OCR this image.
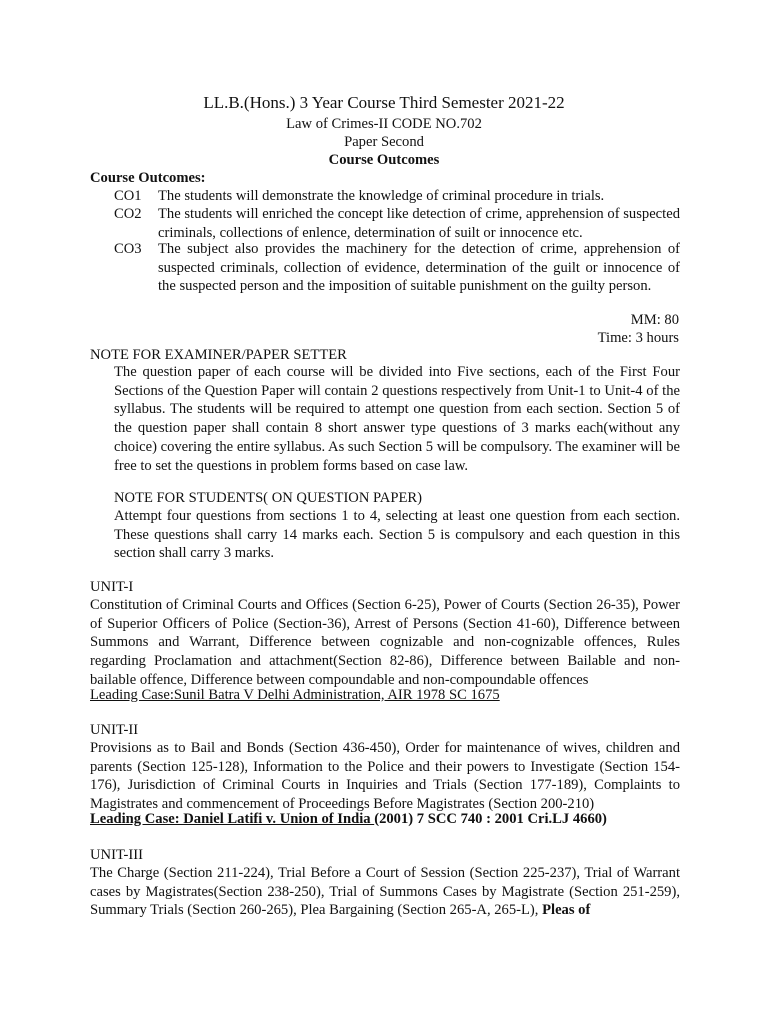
LL.B.(Hons.) 3 Year Course Third Semester 2021-22
Law of Crimes-II CODE NO.702
Paper Second
Course Outcomes
Course Outcomes:
CO1 The students will demonstrate the knowledge of criminal procedure in trials.
CO2 The students will enriched the concept like detection of crime, apprehension of suspected criminals, collections of enlence, determination of suilt or innocence etc.
CO3 The subject also provides the machinery for the detection of crime, apprehension of suspected criminals, collection of evidence, determination of the guilt or innocence of the suspected person and the imposition of suitable punishment on the guilty person.
MM: 80
Time: 3 hours
NOTE FOR EXAMINER/PAPER SETTER
The question paper of each course will be divided into Five sections, each of the First Four Sections of the Question Paper will contain 2 questions respectively from Unit-1 to Unit-4 of the syllabus. The students will be required to attempt one question from each section. Section 5 of the question paper shall contain 8 short answer type questions of 3 marks each(without any choice) covering the entire syllabus. As such Section 5 will be compulsory. The examiner will be free to set the questions in problem forms based on case law.
NOTE FOR STUDENTS( ON QUESTION PAPER)
Attempt four questions from sections 1 to 4, selecting at least one question from each section. These questions shall carry 14 marks each. Section 5 is compulsory and each question in this section shall carry 3 marks.
UNIT-I
Constitution of Criminal Courts and Offices (Section 6-25), Power of Courts (Section 26-35), Power of Superior Officers of Police (Section-36), Arrest of Persons (Section 41-60), Difference between Summons and Warrant, Difference between cognizable and non-cognizable offences, Rules regarding Proclamation and attachment(Section 82-86), Difference between Bailable and non-bailable offence, Difference between compoundable and non-compoundable offences
Leading Case:Sunil Batra V Delhi Administration, AIR 1978 SC 1675
UNIT-II
Provisions as to Bail and Bonds (Section 436-450), Order for maintenance of wives, children and parents (Section 125-128), Information to the Police and their powers to Investigate (Section 154-176), Jurisdiction of Criminal Courts in Inquiries and Trials (Section 177-189), Complaints to Magistrates and commencement of Proceedings Before Magistrates (Section 200-210)
Leading Case: Daniel Latifi v. Union of India (2001) 7 SCC 740 : 2001 Cri.LJ 4660)
UNIT-III
The Charge (Section 211-224), Trial Before a Court of Session (Section 225-237), Trial of Warrant cases by Magistrates(Section 238-250), Trial of Summons Cases by Magistrate (Section 251-259), Summary Trials (Section 260-265), Plea Bargaining (Section 265-A, 265-L), Pleas of
